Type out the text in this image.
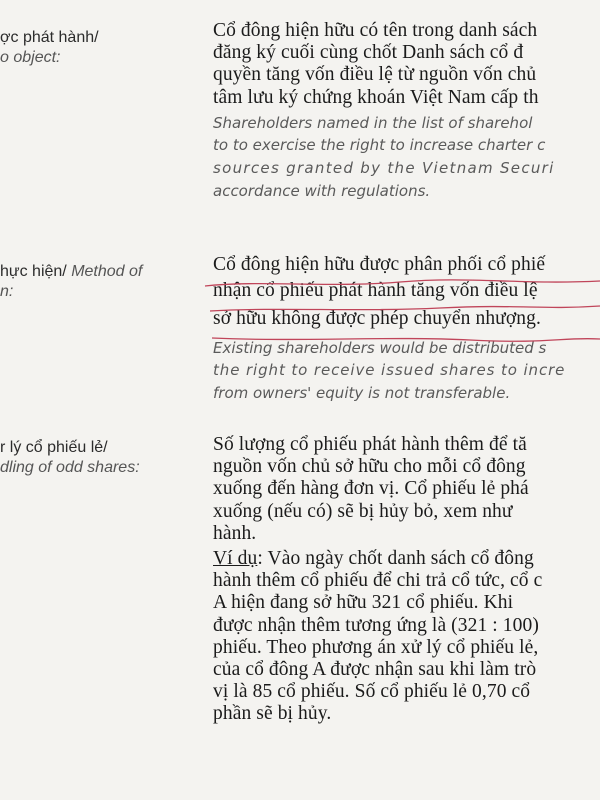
ợc phát hành/
o object:
Cổ đông hiện hữu có tên trong danh sách
đăng ký cuối cùng chốt Danh sách cổ đ
quyền tăng vốn điều lệ từ nguồn vốn chủ
tâm lưu ký chứng khoán Việt Nam cấp th
Shareholders named in the list of sharehol
to to exercise the right to increase charter c
sources granted by the Vietnam Securi
accordance with regulations.
hực hiện/ Method of
n:
Cổ đông hiện hữu được phân phối cổ phiế
nhận cổ phiếu phát hành tăng vốn điều lệ
sở hữu không được phép chuyển nhượng.
Existing shareholders would be distributed s
the right to receive issued shares to incre
from owners' equity is not transferable.
r lý cổ phiếu lẻ/
dling of odd shares:
Số lượng cổ phiếu phát hành thêm để tă
nguồn vốn chủ sở hữu cho mỗi cổ đông
xuống đến hàng đơn vị. Cổ phiếu lẻ phá
xuống (nếu có) sẽ bị hủy bỏ, xem như
hành.
Ví dụ: Vào ngày chốt danh sách cổ đông
hành thêm cổ phiếu để chi trả cổ tức, cổ c
A hiện đang sở hữu 321 cổ phiếu. Khi
được nhận thêm tương ứng là (321 : 100)
phiếu. Theo phương án xử lý cổ phiếu lẻ,
của cổ đông A được nhận sau khi làm trò
vị là 85 cổ phiếu. Số cổ phiếu lẻ 0,70 cổ
phần sẽ bị hủy.
